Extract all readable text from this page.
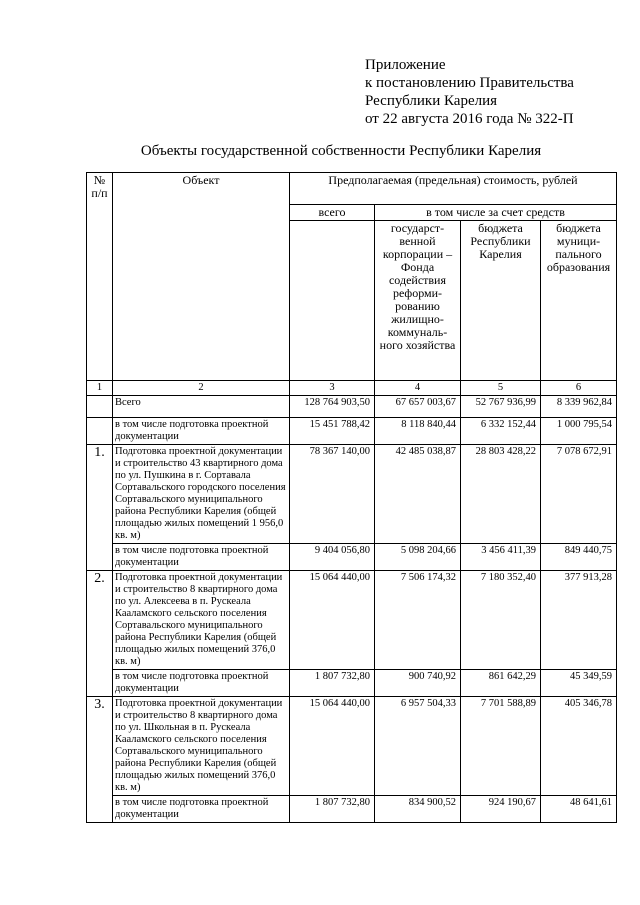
Приложение
к постановлению Правительства
Республики Карелия
от 22 августа 2016 года № 322-П
Объекты государственной собственности Республики Карелия
№ п/п	Объект	Предполагаемая (предельная) стоимость, рублей			
		всего	в том числе за счет средств		
			государст-венной корпорации – Фонда содействия реформи-рованию жилищно-коммуналь-ного хозяйства	бюджета Республики Карелия	бюджета муници-пального образования
1	2	3	4	5	6
	Всего	128 764 903,50	67 657 003,67	52 767 936,99	8 339 962,84
	в том числе подготовка проектной документации	15 451 788,42	8 118 840,44	6 332 152,44	1 000 795,54
1.	Подготовка проектной документации и строительство 43 квартирного дома по ул. Пушкина в г. Сортавала Сортавальского городского поселения Сортавальского муниципального района Республики Карелия (общей площадью жилых помещений 1 956,0 кв. м)	78 367 140,00	42 485 038,87	28 803 428,22	7 078 672,91
	в том числе подготовка проектной документации	9 404 056,80	5 098 204,66	3 456 411,39	849 440,75
2.	Подготовка проектной документации и строительство 8 квартирного дома по ул. Алексеева в п. Рускеала Кааламского сельского поселения Сортавальского муниципального района Республики Карелия (общей площадью жилых помещений 376,0 кв. м)	15 064 440,00	7 506 174,32	7 180 352,40	377 913,28
	в том числе подготовка проектной документации	1 807 732,80	900 740,92	861 642,29	45 349,59
3.	Подготовка проектной документации и строительство 8 квартирного дома по ул. Школьная в п. Рускеала Кааламского сельского поселения Сортавальского муниципального района Республики Карелия (общей площадью жилых помещений 376,0 кв. м)	15 064 440,00	6 957 504,33	7 701 588,89	405 346,78
	в том числе подготовка проектной документации	1 807 732,80	834 900,52	924 190,67	48 641,61
